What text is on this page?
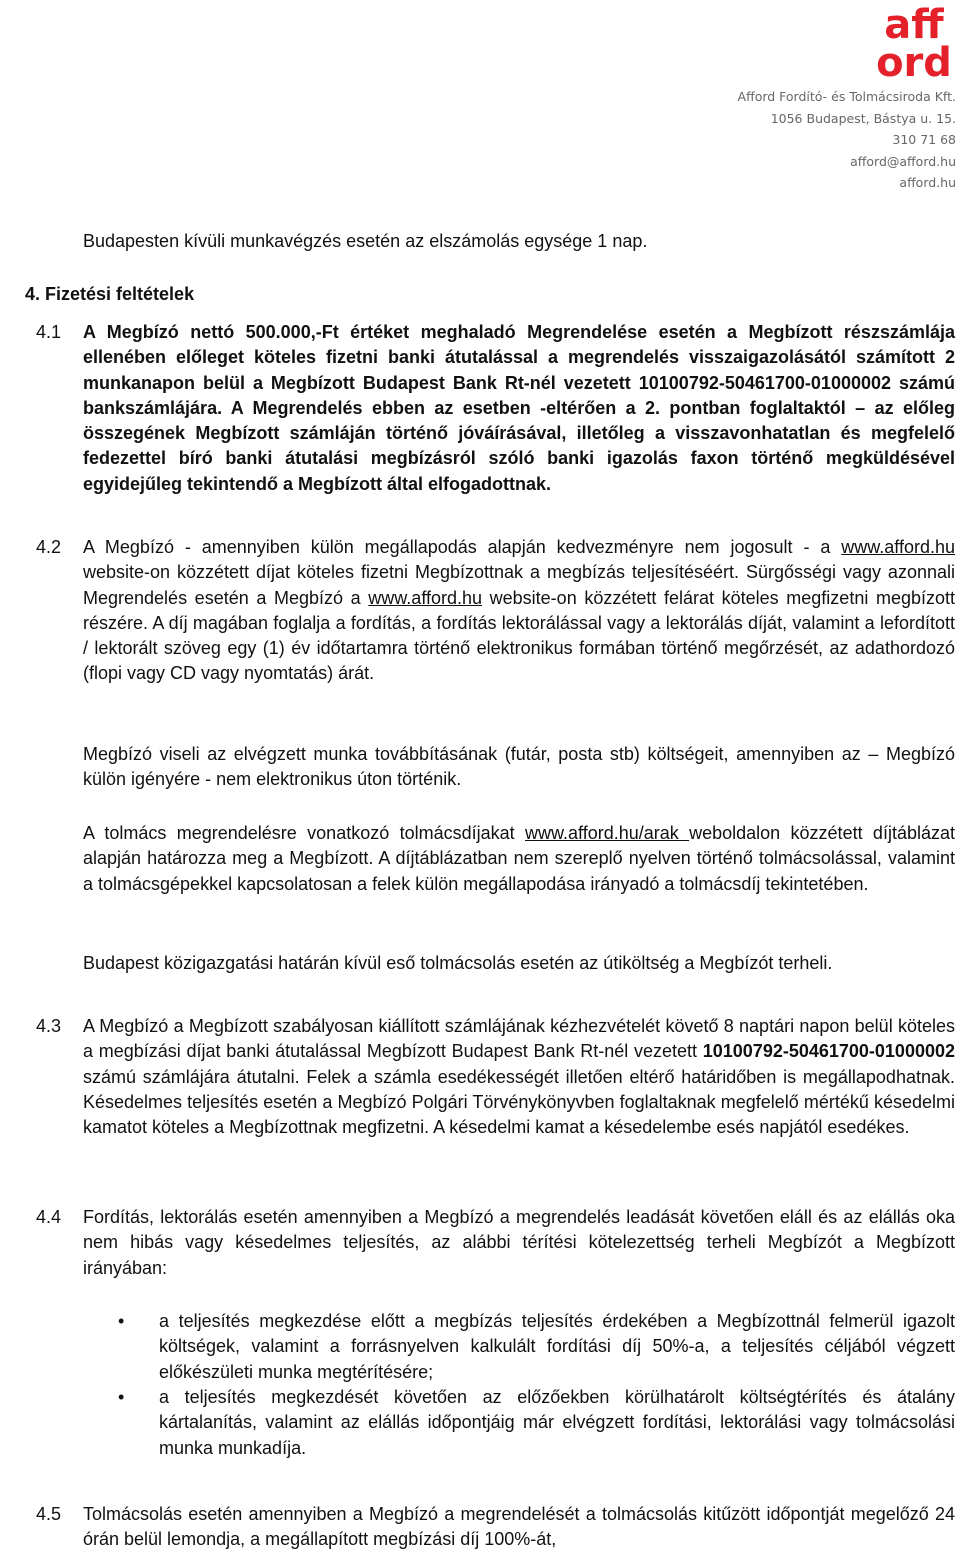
aff
ord
Afford Fordító- és Tolmácsiroda Kft.
1056 Budapest, Bástya u. 15.
310 71 68
afford@afford.hu
afford.hu
Budapesten kívüli munkavégzés esetén az elszámolás egysége 1 nap.
4. Fizetési feltételek
4.1 A Megbízó nettó 500.000,-Ft értéket meghaladó Megrendelése esetén a Megbízott részszámlája ellenében előleget köteles fizetni banki átutalással a megrendelés visszaigazolásától számított 2 munkanapon belül a Megbízott Budapest Bank Rt-nél vezetett 10100792-50461700-01000002 számú bankszámlájára. A Megrendelés ebben az esetben -eltérően a 2. pontban foglaltaktól – az előleg összegének Megbízott számláján történő jóváírásával, illetőleg a visszavonhatatlan és megfelelő fedezettel bíró banki átutalási megbízásról szóló banki igazolás faxon történő megküldésével egyidejűleg tekintendő a Megbízott által elfogadottnak.
4.2 A Megbízó - amennyiben külön megállapodás alapján kedvezményre nem jogosult - a www.afford.hu website-on közzétett díjat köteles fizetni Megbízottnak a megbízás teljesítéséért. Sürgősségi vagy azonnali Megrendelés esetén a Megbízó a www.afford.hu website-on közzétett felárat köteles megfizetni megbízott részére. A díj magában foglalja a fordítás, a fordítás lektorálással vagy a lektorálás díját, valamint a lefordított / lektorált szöveg egy (1) év időtartamra történő elektronikus formában történő megőrzését, az adathordozó (flopi vagy CD vagy nyomtatás) árát.
Megbízó viseli az elvégzett munka továbbításának (futár, posta stb) költségeit, amennyiben az – Megbízó külön igényére - nem elektronikus úton történik.
A tolmács megrendelésre vonatkozó tolmácsdíjakat www.afford.hu/arak weboldalon közzétett díjtáblázat alapján határozza meg a Megbízott. A díjtáblázatban nem szereplő nyelven történő tolmácsolással, valamint a tolmácsgépekkel kapcsolatosan a felek külön megállapodása irányadó a tolmácsdíj tekintetében.
Budapest közigazgatási határán kívül eső tolmácsolás esetén az útiköltség a Megbízót terheli.
4.3 A Megbízó a Megbízott szabályosan kiállított számlájának kézhezvételét követő 8 naptári napon belül köteles a megbízási díjat banki átutalással Megbízott Budapest Bank Rt-nél vezetett 10100792-50461700-01000002 számú számlájára átutalni. Felek a számla esedékességét illetően eltérő határidőben is megállapodhatnak. Késedelmes teljesítés esetén a Megbízó Polgári Törvénykönyvben foglaltaknak megfelelő mértékű késedelmi kamatot köteles a Megbízottnak megfizetni. A késedelmi kamat a késedelembe esés napjától esedékes.
4.4 Fordítás, lektorálás esetén amennyiben a Megbízó a megrendelés leadását követően eláll és az elállás oka nem hibás vagy késedelmes teljesítés, az alábbi térítési kötelezettség terheli Megbízót a Megbízott irányában:
• a teljesítés megkezdése előtt a megbízás teljesítés érdekében a Megbízottnál felmerül igazolt költségek, valamint a forrásnyelven kalkulált fordítási díj 50%-a, a teljesítés céljából végzett előkészületi munka megtérítésére;
• a teljesítés megkezdését követően az előzőekben körülhatárolt költségtérítés és átalány kártalanítás, valamint az elállás időpontjáig már elvégzett fordítási, lektorálási vagy tolmácsolási munka munkadíja.
4.5 Tolmácsolás esetén amennyiben a Megbízó a megrendelését a tolmácsolás kitűzött időpontját megelőző 24 órán belül lemondja, a megállapított megbízási díj 100%-át,
